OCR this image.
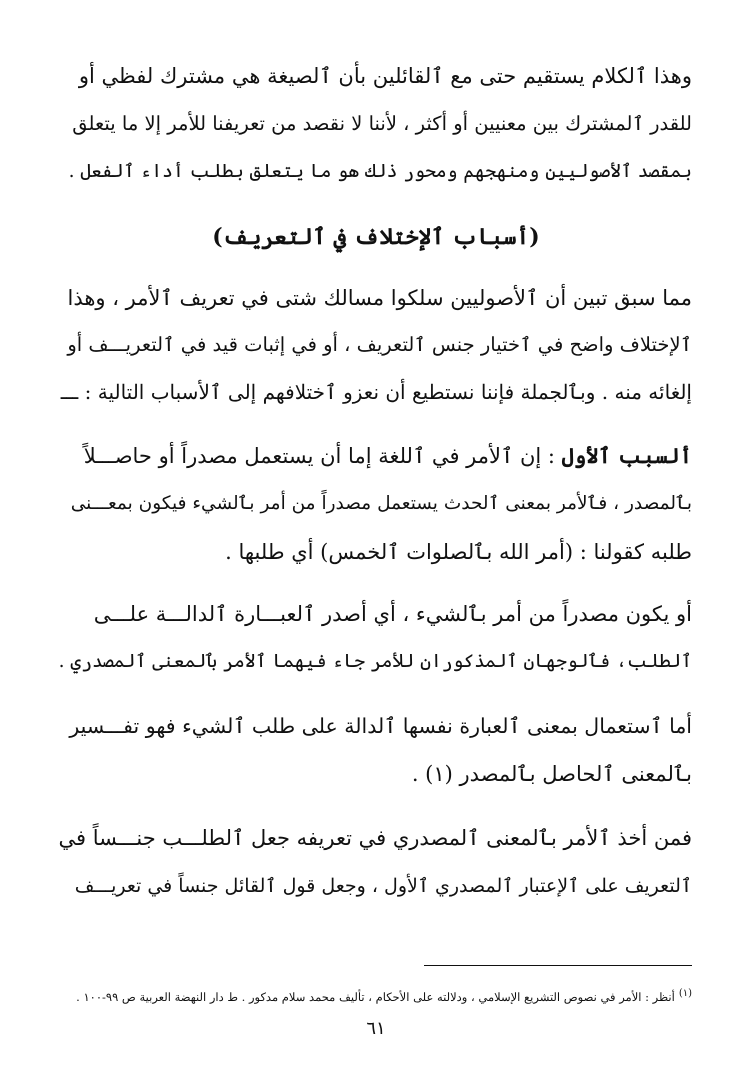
وهذا ٱلكلام يستقيم حتى مع ٱلقائلين بأن ٱلصيغة هي مشترك لفظي أو
للقدر ٱلمشترك بين معنيين أو أكثر ، لأننا لا نقصد من تعريفنا للأمر إلا ما يتعلق
بمقصد ٱلأصوليين ومنهجهم ومحور ذلك هو ما يتعلق بطلب أداء ٱلفعل .
(أسباب ٱلإختلاف في ٱلتعريف)
مما سبق تبين أن ٱلأصوليين سلكوا مسالك شتى في تعريف ٱلأمر ، وهذا
ٱلإختلاف واضح في ٱختيار جنس ٱلتعريف ، أو في إثبات قيد في ٱلتعريـــف أو
إلغائه منه . وبٱلجملة فإننا نستطيع أن نعزو ٱختلافهم إلى ٱلأسباب التالية : ـــ
ألسبب ٱلأول : إن ٱلأمر في ٱللغة إما أن يستعمل مصدراً أو حاصـــلاً
بٱلمصدر ، فٱلأمر بمعنى ٱلحدث يستعمل مصدراً من أمر بٱلشيء فيكون بمعـــنى
طلبه كقولنا : (أمر الله بٱلصلوات ٱلخمس) أي طلبها .
أو يكون مصدراً من أمر بٱلشيء ، أي أصدر ٱلعبـــارة ٱلدالـــة علـــى
ٱلطلب، فٱلوجهان ٱلمذكوران للأمر جاء فيهما ٱلأمر بٱلمعنى ٱلمصدري .
أما ٱستعمال بمعنى ٱلعبارة نفسها ٱلدالة على طلب ٱلشيء فهو تفـــسير
بٱلمعنى ٱلحاصل بٱلمصدر (١) .
فمن أخذ ٱلأمر بٱلمعنى ٱلمصدري في تعريفه جعل ٱلطلـــب جنـــساً في
ٱلتعريف على ٱلإعتبار ٱلمصدري ٱلأول ، وجعل قول ٱلقائل جنساً في تعريـــف
(١)أنظر : الأمر في نصوص التشريع الإسلامي ، ودلالته على الأحكام ، تأليف محمد سلام مدكور . ط دار النهضة العربية ص ٩٩-١٠٠ .
٦١
